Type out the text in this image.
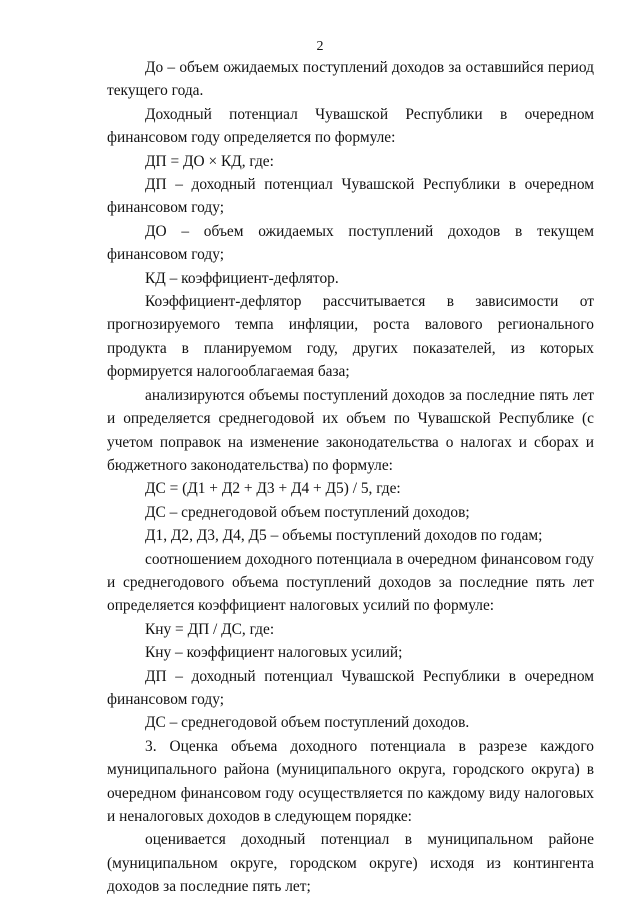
2

До – объем ожидаемых поступлений доходов за оставшийся период текущего года.

Доходный потенциал Чувашской Республики в очередном финансовом году определяется по формуле:

ДП = ДО × КД, где:

ДП – доходный потенциал Чувашской Республики в очередном финансовом году;

ДО – объем ожидаемых поступлений доходов в текущем финансовом году;

КД – коэффициент-дефлятор.

Коэффициент-дефлятор рассчитывается в зависимости от прогнозируемого темпа инфляции, роста валового регионального продукта в планируемом году, других показателей, из которых формируется налогооблагаемая база;

анализируются объемы поступлений доходов за последние пять лет и определяется среднегодовой их объем по Чувашской Республике (с учетом поправок на изменение законодательства о налогах и сборах и бюджетного законодательства) по формуле:

ДС = (Д1 + Д2 + Д3 + Д4 + Д5) / 5, где:

ДС – среднегодовой объем поступлений доходов;

Д1, Д2, Д3, Д4, Д5 – объемы поступлений доходов по годам;

соотношением доходного потенциала в очередном финансовом году и среднегодового объема поступлений доходов за последние пять лет определяется коэффициент налоговых усилий по формуле:

Кну = ДП / ДС, где:

Кну – коэффициент налоговых усилий;

ДП – доходный потенциал Чувашской Республики в очередном финансовом году;

ДС – среднегодовой объем поступлений доходов.

3. Оценка объема доходного потенциала в разрезе каждого муниципального района (муниципального округа, городского округа) в очередном финансовом году осуществляется по каждому виду налоговых и неналоговых доходов в следующем порядке:

оценивается доходный потенциал в муниципальном районе (муниципальном округе, городском округе) исходя из контингента доходов за последние пять лет;
